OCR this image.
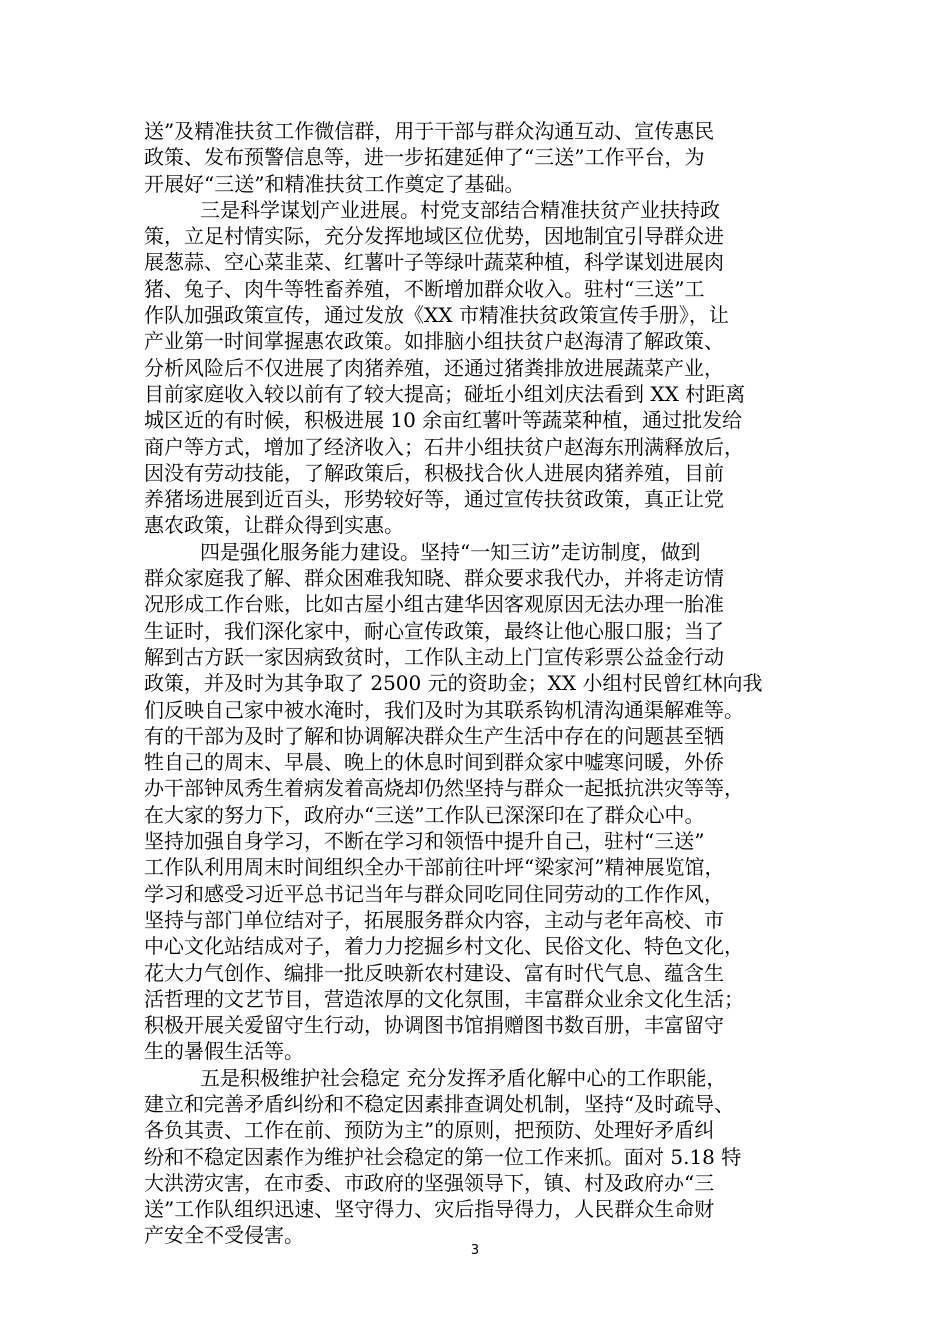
送”及精准扶贫工作微信群，用于干部与群众沟通互动、宣传惠民
政策、发布预警信息等，进一步拓建延伸了“三送”工作平台，为
开展好“三送”和精准扶贫工作奠定了基础。
三是科学谋划产业进展。村党支部结合精准扶贫产业扶持政
策，立足村情实际，充分发挥地域区位优势，因地制宜引导群众进
展葱蒜、空心菜韭菜、红薯叶子等绿叶蔬菜种植，科学谋划进展肉
猪、兔子、肉牛等牲畜养殖，不断增加群众收入。驻村“三送”工
作队加强政策宣传，通过发放《XX 市精准扶贫政策宣传手册》，让
产业第一时间掌握惠农政策。如排脑小组扶贫户赵海清了解政策、
分析风险后不仅进展了肉猪养殖，还通过猪粪排放进展蔬菜产业，
目前家庭收入较以前有了较大提高；碰坵小组刘庆法看到 XX 村距离
城区近的有时候，积极进展 10 余亩红薯叶等蔬菜种植，通过批发给
商户等方式，增加了经济收入；石井小组扶贫户赵海东刑满释放后，
因没有劳动技能，了解政策后，积极找合伙人进展肉猪养殖，目前
养猪场进展到近百头，形势较好等，通过宣传扶贫政策，真正让党
惠农政策，让群众得到实惠。
四是强化服务能力建设。坚持“一知三访”走访制度，做到
群众家庭我了解、群众困难我知晓、群众要求我代办，并将走访情
况形成工作台账，比如古屋小组古建华因客观原因无法办理一胎准
生证时，我们深化家中，耐心宣传政策，最终让他心服口服；当了
解到古方跃一家因病致贫时，工作队主动上门宣传彩票公益金行动
政策，并及时为其争取了 2500 元的资助金；XX 小组村民曾红林向我
们反映自己家中被水淹时，我们及时为其联系钩机清沟通渠解难等。
有的干部为及时了解和协调解决群众生产生活中存在的问题甚至牺
牲自己的周末、早晨、晚上的休息时间到群众家中嘘寒问暖，外侨
办干部钟凤秀生着病发着高烧却仍然坚持与群众一起抵抗洪灾等等，
在大家的努力下，政府办“三送”工作队已深深印在了群众心中。
坚持加强自身学习，不断在学习和领悟中提升自己，驻村“三送”
工作队利用周末时间组织全办干部前往叶坪“梁家河”精神展览馆，
学习和感受习近平总书记当年与群众同吃同住同劳动的工作作风，
坚持与部门单位结对子，拓展服务群众内容，主动与老年高校、市
中心文化站结成对子，着力力挖掘乡村文化、民俗文化、特色文化，
花大力气创作、编排一批反映新农村建设、富有时代气息、蕴含生
活哲理的文艺节目，营造浓厚的文化氛围，丰富群众业余文化生活；
积极开展关爱留守生行动，协调图书馆捐赠图书数百册，丰富留守
生的暑假生活等。
五是积极维护社会稳定 充分发挥矛盾化解中心的工作职能，
建立和完善矛盾纠纷和不稳定因素排查调处机制，坚持“及时疏导、
各负其责、工作在前、预防为主”的原则，把预防、处理好矛盾纠
纷和不稳定因素作为维护社会稳定的第一位工作来抓。面对 5.18 特
大洪涝灾害，在市委、市政府的坚强领导下，镇、村及政府办“三
送”工作队组织迅速、坚守得力、灾后指导得力，人民群众生命财
产安全不受侵害。
3
